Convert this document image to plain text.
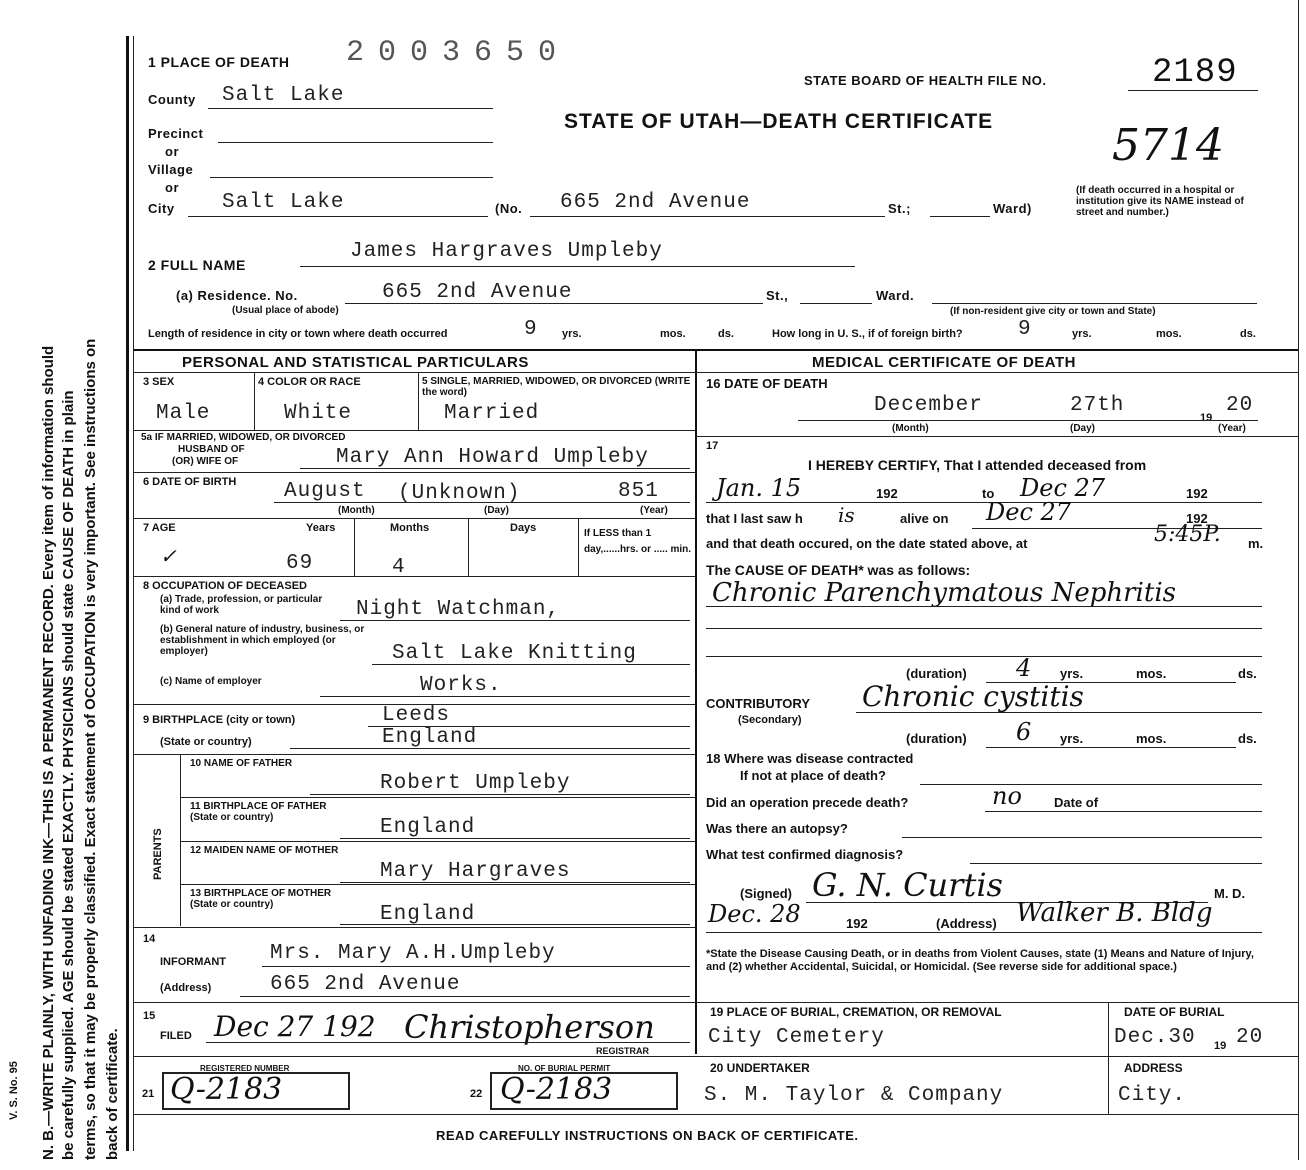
N. B.—WRITE PLAINLY, WITH UNFADING INK—THIS IS A PERMANENT RECORD. Every item of information should be carefully supplied. AGE should be stated EXACTLY. PHYSICIANS should state CAUSE OF DEATH in plain terms, so that it may be properly classified. Exact statement of OCCUPATION is very important. See instructions on back of certificate.
V. S. No. 95
1 PLACE OF DEATH 2003650
STATE BOARD OF HEALTH FILE NO.	2189
STATE OF UTAH—DEATH CERTIFICATE	5714
County Salt Lake
Precinct
or
Village
or
City Salt Lake	(No. 665 2nd Avenue	St.;	Ward)
(If death occurred in a hospital or institution give its NAME instead of street and number.)
2 FULL NAME
James Hargraves Umpleby
(a) Residence. No.
(Usual place of abode)
665 2nd Avenue	St.,	Ward.
(If non-resident give city or town and State)
Length of residence in city or town where death occurred	9 yrs.	mos.	ds.	How long in U. S., if of foreign birth?	9	yrs.	mos.	ds.
PERSONAL AND STATISTICAL PARTICULARS
3 SEX
Male
4 COLOR OR RACE
White
5 SINGLE, MARRIED, WIDOWED, OR DIVORCED (WRITE the word)
Married
5a IF MARRIED, WIDOWED, OR DIVORCED
HUSBAND OF
(OR) WIFE OF	Mary Ann Howard Umpleby
6 DATE OF BIRTH August (Unknown)	851
(Month)	(Day)	(Year)
7 AGE	Years	Months	Days	If LESS than 1 day,......hrs. or ..... min.
✓	69	4
8 OCCUPATION OF DECEASED
(a) Trade, profession, or particular kind of work	Night Watchman,
(b) General nature of industry, business, or establishment in which employed (or employer)	Salt Lake Knitting
(c) Name of employer	Works.
9 BIRTHPLACE (city or town)	Leeds
(State or country)	England
PARENTS
10 NAME OF FATHER
Robert Umpleby
11 BIRTHPLACE OF FATHER (State or country)	England
12 MAIDEN NAME OF MOTHER
Mary Hargraves
13 BIRTHPLACE OF MOTHER (State or country)	England
14
INFORMANT Mrs. Mary A.H.Umpleby
(Address)	665 2nd Avenue
15
FILED Dec 27 192 Christopherson
REGISTRAR
MEDICAL CERTIFICATE OF DEATH
16 DATE OF DEATH
December	27th
19
20
(Month)	(Day)	(Year)
17
I HEREBY CERTIFY, That I attended deceased from
Jan. 15	192	to Dec 27	192
that I last saw h is	alive on Dec 27	192
and that death occured, on the date stated above, at	5:45P. m.
The CAUSE OF DEATH* was as follows:
Chronic Parenchymatous Nephritis
(duration) 4 yrs.	mos.	ds.
CONTRIBUTORY
(Secondary)
Chronic cystitis
(duration) 6 yrs.	mos.	ds.
18 Where was disease contracted
If not at place of death?
Did an operation precede death?	no Date of
Was there an autopsy?
What test confirmed diagnosis?
(Signed) G. N. Curtis	M. D.
Dec. 28	192	(Address) Walker B. Bldg
*State the Disease Causing Death, or in deaths from Violent Causes, state (1) Means and Nature of Injury, and (2) whether Accidental, Suicidal, or Homicidal. (See reverse side for additional space.)
19 PLACE OF BURIAL, CREMATION, OR REMOVAL
City Cemetery
DATE OF BURIAL
Dec.30 19 20
20 UNDERTAKER
S. M. Taylor & Company
ADDRESS
City.
REGISTERED NUMBER
21 Q-2183
NO. OF BURIAL PERMIT
22 Q-2183
READ CAREFULLY INSTRUCTIONS ON BACK OF CERTIFICATE.
